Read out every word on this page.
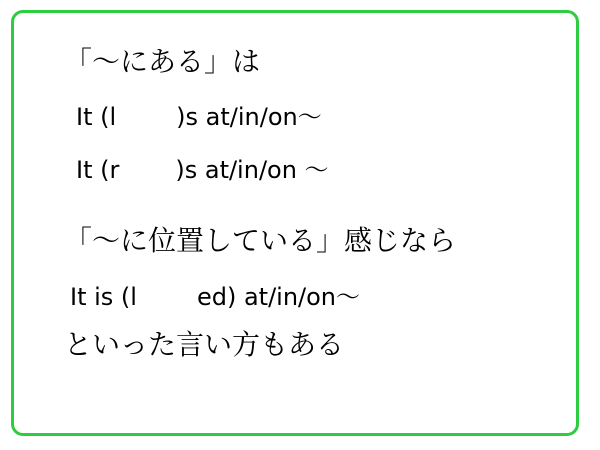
「～にある」は
It (l	)s at/in/on～
It (r )s at/in/on ～
「～に位置している」感じなら
It is (l	ed) at/in/on～
といった言い方もある
